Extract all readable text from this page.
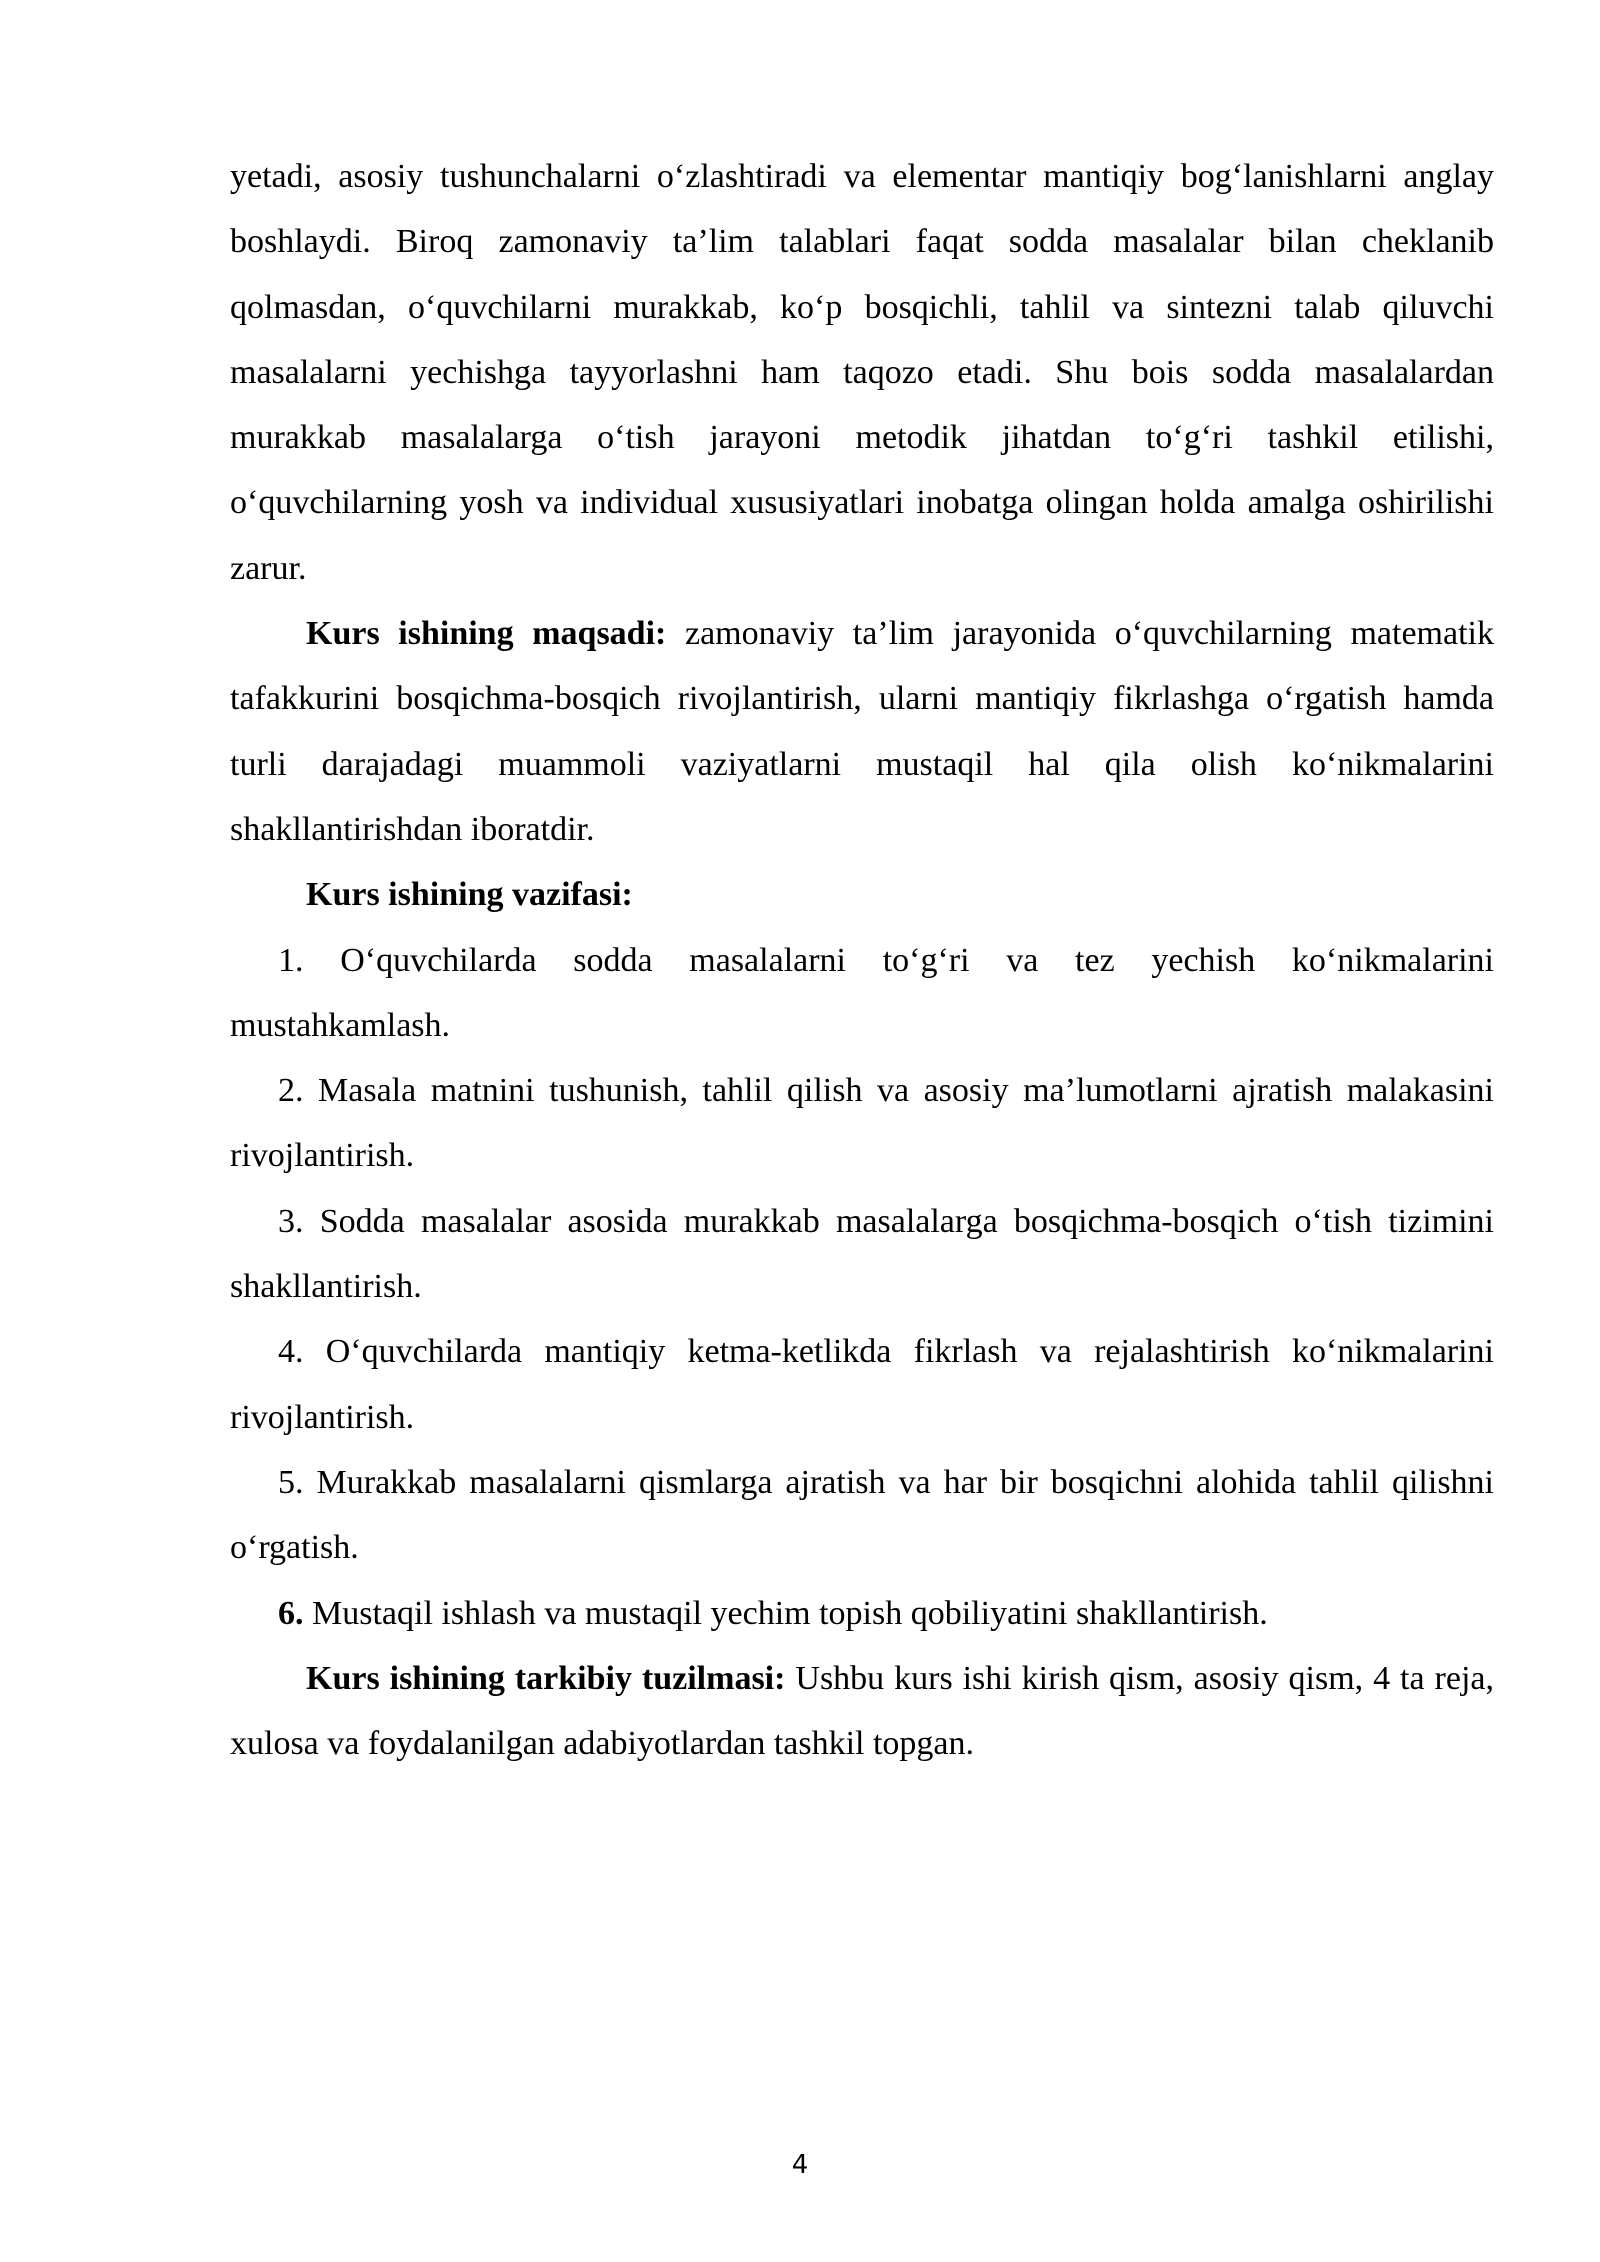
yetadi, asosiy tushunchalarni o‘zlashtiradi va elementar mantiqiy bog‘lanishlarni anglay boshlaydi. Biroq zamonaviy ta’lim talablari faqat sodda masalalar bilan cheklanib qolmasdan, o‘quvchilarni murakkab, ko‘p bosqichli, tahlil va sintezni talab qiluvchi masalalarni yechishga tayyorlashni ham taqozo etadi. Shu bois sodda masalalardan murakkab masalalarga o‘tish jarayoni metodik jihatdan to‘g‘ri tashkil etilishi, o‘quvchilarning yosh va individual xususiyatlari inobatga olingan holda amalga oshirilishi zarur.

Kurs ishining maqsadi: zamonaviy ta’lim jarayonida o‘quvchilarning matematik tafakkurini bosqichma-bosqich rivojlantirish, ularni mantiqiy fikrlashga o‘rgatish hamda turli darajadagi muammoli vaziyatlarni mustaqil hal qila olish ko‘nikmalarini shakllantirishdan iboratdir.

Kurs ishining vazifasi:

1. O‘quvchilarda sodda masalalarni to‘g‘ri va tez yechish ko‘nikmalarini mustahkamlash.

2. Masala matnini tushunish, tahlil qilish va asosiy ma’lumotlarni ajratish malakasini rivojlantirish.

3. Sodda masalalar asosida murakkab masalalarga bosqichma-bosqich o‘tish tizimini shakllantirish.

4. O‘quvchilarda mantiqiy ketma-ketlikda fikrlash va rejalashtirish ko‘nikmalarini rivojlantirish.

5. Murakkab masalalarni qismlarga ajratish va har bir bosqichni alohida tahlil qilishni o‘rgatish.

6. Mustaqil ishlash va mustaqil yechim topish qobiliyatini shakllantirish.

Kurs ishining tarkibiy tuzilmasi: Ushbu kurs ishi kirish qism, asosiy qism, 4 ta reja, xulosa va foydalanilgan adabiyotlardan tashkil topgan.

4
